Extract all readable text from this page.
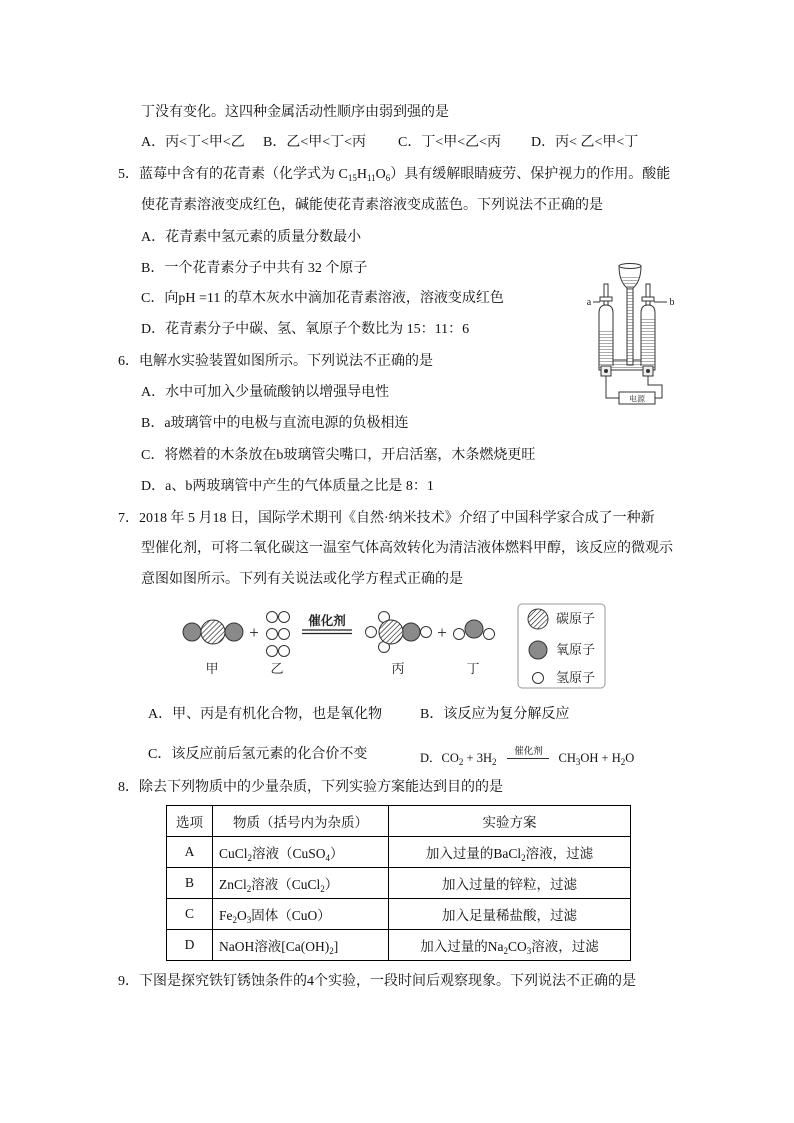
丁没有变化。这四种金属活动性顺序由弱到强的是
A．丙<丁<甲<乙 B．乙<甲<丁<丙 C．丁<甲<乙<丙 D．丙< 乙<甲<丁
5．蓝莓中含有的花青素（化学式为 $C_{15}H_{11}O_6$）具有缓解眼睛疲劳、保护视力的作用。酸能
使花青素溶液变成红色，碱能使花青素溶液变成蓝色。下列说法不正确的是
A．花青素中氢元素的质量分数最小
B．一个花青素分子中共有 32 个原子
C．向pH =11 的草木灰水中滴加花青素溶液，溶液变成红色
D．花青素分子中碳、氢、氧原子个数比为 15：11：6
6．电解水实验装置如图所示。下列说法不正确的是
A．水中可加入少量硫酸钠以增强导电性
B．a玻璃管中的电极与直流电源的负极相连
C．将燃着的木条放在b玻璃管尖嘴口，开启活塞，木条燃烧更旺
D．a、b两玻璃管中产生的气体质量之比是 8：1
电源
a	b
7．2018 年 5 月18 日，国际学术期刊《自然·纳米技术》介绍了中国科学家合成了一种新
型催化剂，可将二氧化碳这一温室气体高效转化为清洁液体燃料甲醇，该反应的微观示
意图如图所示。下列有关说法或化学方程式正确的是
+
催化剂
+
甲	乙	丙	丁
碳原子
氧原子
氢原子
A．甲、丙是有机化合物，也是氧化物	B．该反应为复分解反应
C．该反应前后氢元素的化合价不变	D．$CO_2 + 3H_2$
催化剂 $CH_3OH + H_2O$
8．除去下列物质中的少量杂质，下列实验方案能达到目的的是
选项	物质（括号内为杂质）	实验方案
A	CuCl$_2$溶液（CuSO$_4$）	加入过量的BaCl$_2$溶液，过滤
B	ZnCl$_2$溶液（CuCl$_2$）	加入过量的锌粒，过滤
C	$Fe_2O_3$固体（CuO）	加入足量稀盐酸，过滤
D	NaOH溶液$[Ca(OH)_2]$	加入过量的$Na_2CO_3$溶液，过滤
9．下图是探究铁钉锈蚀条件的4个实验，一段时间后观察现象。下列说法不正确的是
